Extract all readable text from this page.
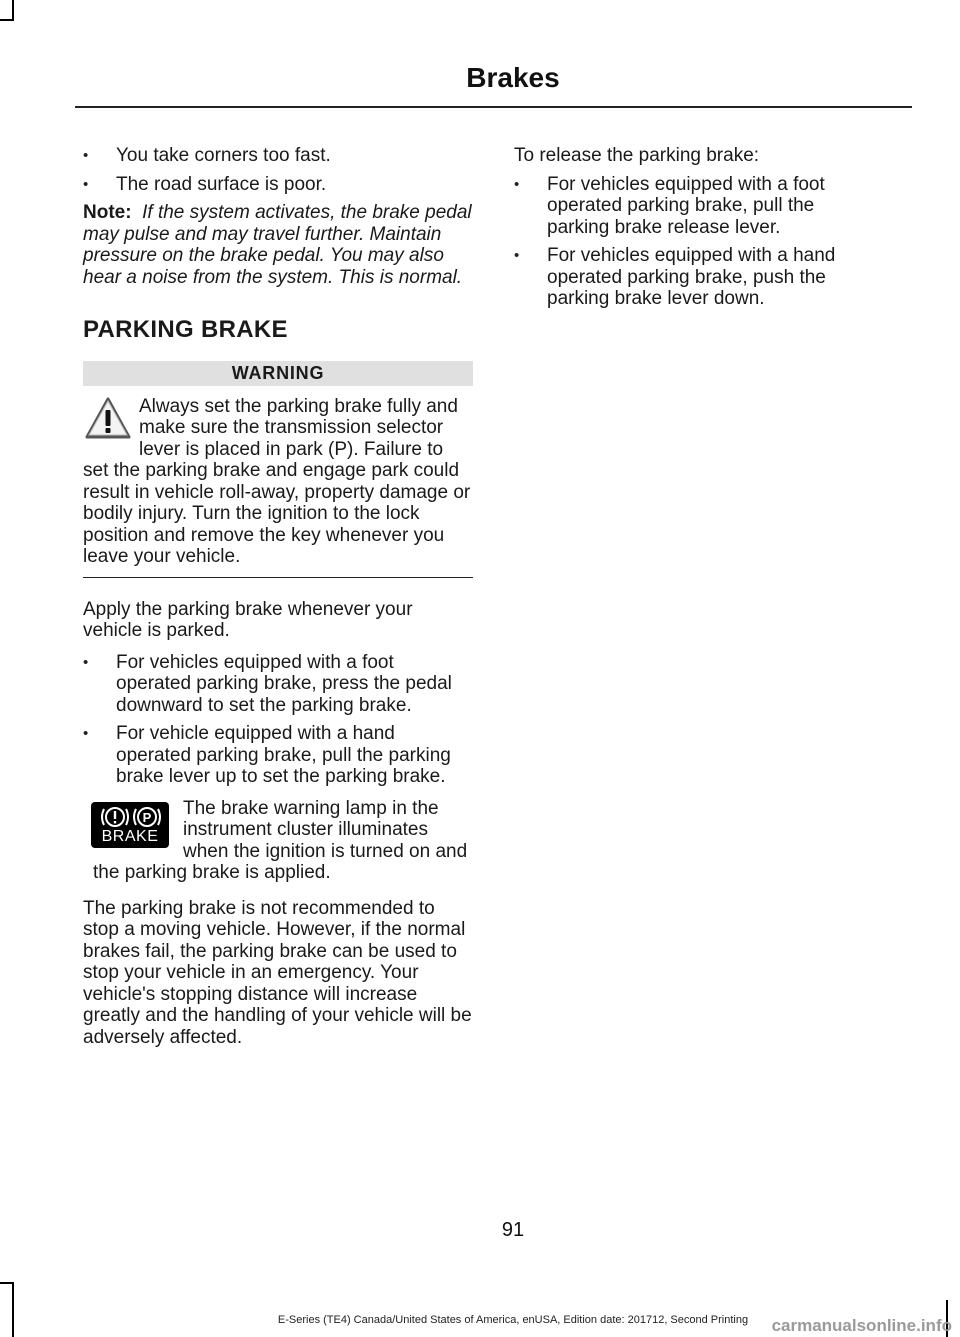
Brakes
• You take corners too fast.
• The road surface is poor.

Note: If the system activates, the brake pedal may pulse and may travel further. Maintain pressure on the brake pedal. You may also hear a noise from the system. This is normal.

PARKING BRAKE
WARNING

Always set the parking brake fully and make sure the transmission selector lever is placed in park (P). Failure to set the parking brake and engage park could result in vehicle roll-away, property damage or bodily injury. Turn the ignition to the lock position and remove the key whenever you leave your vehicle.

Apply the parking brake whenever your vehicle is parked.

• For vehicles equipped with a foot operated parking brake, press the pedal downward to set the parking brake.
• For vehicle equipped with a hand operated parking brake, pull the parking brake lever up to set the parking brake.
P
BRAKE

The brake warning lamp in the instrument cluster illuminates when the ignition is turned on and the parking brake is applied.

The parking brake is not recommended to stop a moving vehicle. However, if the normal brakes fail, the parking brake can be used to stop your vehicle in an emergency. Your vehicle's stopping distance will increase greatly and the handling of your vehicle will be adversely affected.

To release the parking brake:

• For vehicles equipped with a foot operated parking brake, pull the parking brake release lever.
• For vehicles equipped with a hand operated parking brake, push the parking brake lever down.
91
E-Series (TE4) Canada/United States of America, enUSA, Edition date: 201712, Second Printing	carmanualsonline.info
